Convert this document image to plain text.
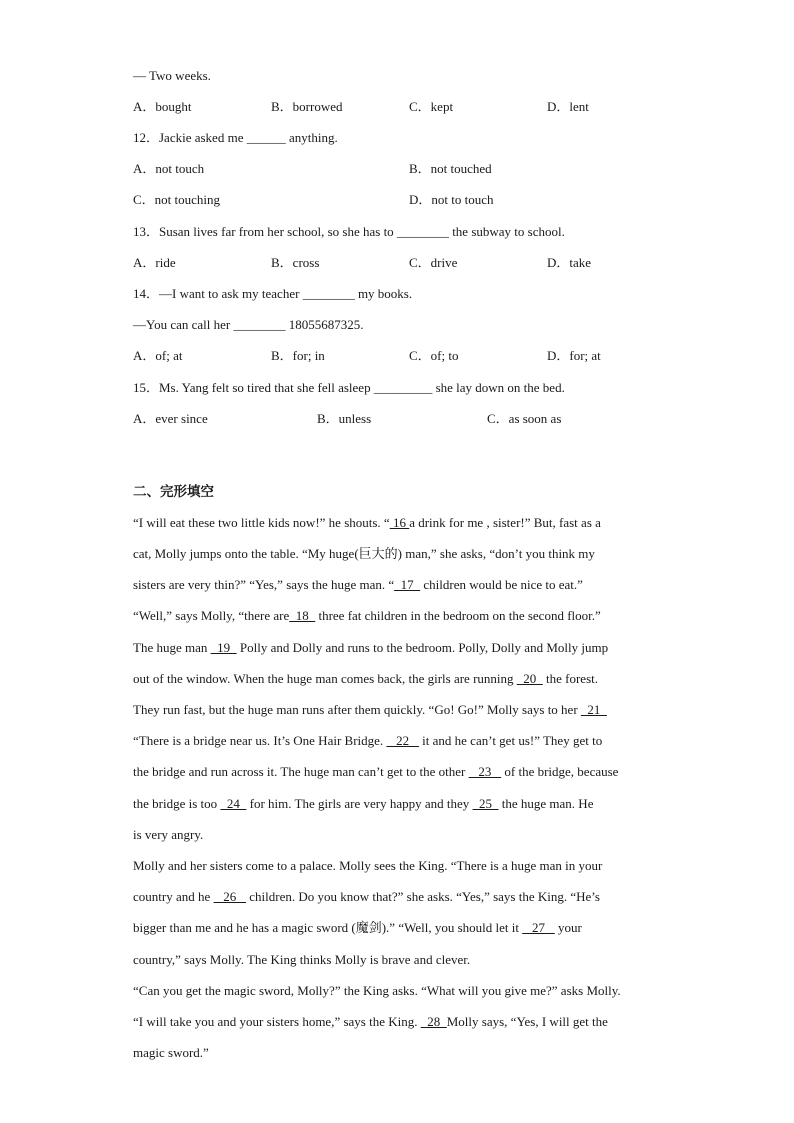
— Two weeks.
A．bought	B．borrowed	C．kept	D．lent
12．Jackie asked me ______ anything.
A．not touch	B．not touched
C．not touching	D．not to touch
13．Susan lives far from her school, so she has to ________ the subway to school.
A．ride	B．cross	C．drive	D．take
14．—I want to ask my teacher ________ my books.
—You can call her ________ 18055687325.
A．of; at	B．for; in	C．of; to	D．for; at
15．Ms. Yang felt so tired that she fell asleep _________ she lay down on the bed.
A．ever since	B．unless	C．as soon as
二、完形填空
“I will eat these two little kids now!” he shouts. “ 16 a drink for me , sister!” But, fast as a
cat, Molly jumps onto the table. “My huge(巨大的) man,” she asks, “don’t you think my
sisters are very thin?” “Yes,” says the huge man. “  17   children would be nice to eat.”
“Well,” says Molly, “there are  18   three fat children in the bedroom on the second floor.”
The huge man   19   Polly and Dolly and runs to the bedroom. Polly, Dolly and Molly jump
out of the window. When the huge man comes back, the girls are running   20   the forest.
They run fast, but the huge man runs after them quickly. “Go! Go!” Molly says to her   21
“There is a bridge near us. It’s One Hair Bridge.    22    it and he can’t get us!” They get to
the bridge and run across it. The huge man can’t get to the other    23    of the bridge, because
the bridge is too   24   for him. The girls are very happy and they   25   the huge man. He
is very angry.
Molly and her sisters come to a palace. Molly sees the King. “There is a huge man in your
country and he    26    children. Do you know that?” she asks. “Yes,” says the King. “He’s
bigger than me and he has a magic sword (魔剑).” “Well, you should let it    27    your
country,” says Molly. The King thinks Molly is brave and clever.
“Can you get the magic sword, Molly?” the King asks. “What will you give me?” asks Molly.
“I will take you and your sisters home,” says the King.   28  Molly says, “Yes, I will get the
magic sword.”
